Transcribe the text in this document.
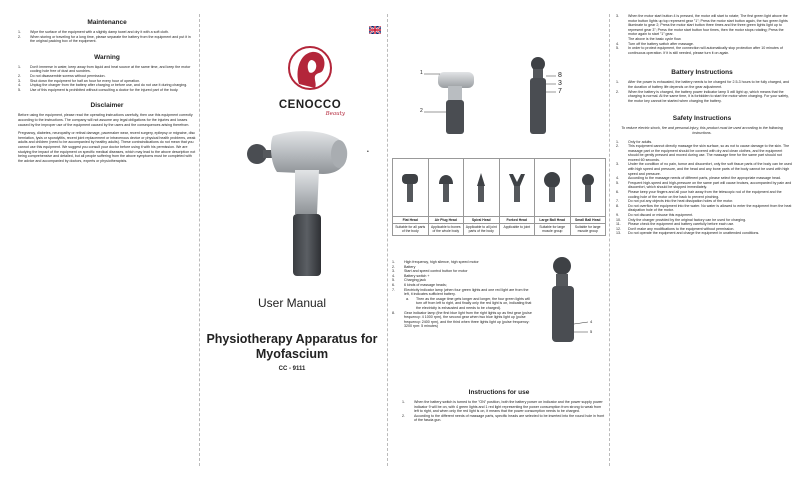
Maintenance
1.	Wipe the surface of the equipment with a slightly damp towel and dry it with a soft cloth.
2.	When storing or traveling for a long time, please separate the battery from the equipment and put it in the original packing box of the equipment.
Warning
1.	Don't immerse in water, keep away from liquid and heat source at the same time, and keep the motor cooling hole free of dust and sundries.
2.	Do not disassemble screws without permission.
3.	Shut down the equipment for half an hour for every hour of operation.
4.	Unplug the charger from the battery after charging or before use, and do not use it during charging.
5.	Use of this equipment is prohibited without consulting a doctor for the injured part of the body.
Disclaimer

Before using the equipment, please read the operating instructions carefully, then use this equipment correctly according to the instructions. The company will not assume any legal obligations for the injuries and losses caused by the improper use of the equipment caused by the users and the consequences arising therefrom.

Pregnancy, diabetes, neuropathy or retinal damage, pacemaker wear, recent surgery, epilepsy or migraine, disc herniation, lysis or spondylitis, recent joint replacement or intravenous device or physical health problems, weak adults and children (need to be accompanied by healthy adults). These contraindications do not mean that you cannot use this equipment. We suggest you consult your doctor before using it with his permission. We are studying the impact of the equipment on specific medical diseases, which may lead to the above description not being comprehensive and detailed, but all people suffering from the above symptoms must be completed with the advice and accompanied by doctors, experts or physiotherapists.

CENOCCO
Beauty
User Manual
Physiotherapy Apparatus for Myofascium
CC - 9111
•
1
2
8
3
7

Flat Head	Air Plug Head	Spiral Head	Forked Head	Large Ball Head	Small Ball Head
Suitable for all parts of the body	Applicable to bones of the whole body	Applicable to all joint parts of the body	Applicable to joint	Suitable for large muscle group	Suitable for large muscle group
1.	High frequency, high silence, high speed motor
2.	Battery
3.	Start and speed control button for motor
4.	Battery switch +
5.	Charging jack
6.	6 kinds of massage heads;
7.	Electricity indicator lamp (when four green lights and one red light are from the left, it indicates sufficient battery.
a.	Then as the usage time gets longer and longer, the four green lights will turn off from left to right, and finally only the red light is on, indicating that the electricity is exhausted and needs to be charged).
8.	Gear indicator lamp (the first blue light from the right lights up as first gear (pulse frequency: 4 1000 rpm), the second gear when two blue lights light up (pulse frequency: 2400 rpm), and the third when three lights light up (pulse frequency: 3200 rpm: 5 minutes)
4
5
Instructions for use
1.	When the battery switch is turned to the "ON" position, both the battery power on indicator and the power supply power indicator 9 will be on, with 4 green lights and 1 red light representing the power consumption from strong to weak from left to right, and when only the red light is on, it means that the power consumption needs to be charged.
2.	According to the different needs of massage parts, specific heads are selected to be inserted into the round hole in front of the fascia gun.
3.	When the motor start button 4 is pressed, the motor will start to rotate; The first green light above the motor button lights up top represent gear "1"; Press the motor start button again, the two green lights illuminate to gear 2; Press the motor start button three times and the three green lights light up to represent gear 3"; Press the motor start button four times, then the motor stops rotating; Press the motor again to start "1" gear.
The above is the basic cycle flow.
4.	Turn off the battery switch after massage.
5.	In order to protect equipment, the connection will automatically stop protection after 10 minutes of continuous operation. If it is still needed, please turn it on again.
Battery Instructions
1.	After the power is exhausted, the battery needs to be charged for 2.5-3 hours to be fully charged, and the duration of battery life depends on the gear adjustment.
2.	When the battery is charged, the battery power indicator lamp 5 will light up, which means that the charging is normal. At the same time, it is forbidden to start the motor when charging. For your safety, the motor key cannot be started when charging the battery.
Safety Instructions

To reduce electric shock, fire and personal injury, this product must be used according to the following instructions.

1.	Only for adults.
2.	This equipment cannot directly massage the skin surface, so as not to cause damage to the skin. The massage part or the equipment should be covered with dry and clean clothes, and the equipment should be gently pressed and moved during use. The massage time for the same part should not exceed 60 seconds.
3.	Under the condition of no pain, tumor and discomfort, only the soft tissue parts of the body can be used with high speed and pressure, and the head and any bone parts of the body cannot be used with high speed and pressure.
4.	According to the massage needs of different parts, please select the appropriate massage head.
5.	Frequent high-speed and high-pressure on the same part will cause bruises, accompanied by pain and discomfort, which should be stopped immediately.
6.	Please keep your fingers and all your hair away from the telescopic rod of the equipment and the cooling hole of the motor on the back to prevent pinching.
7.	Do not put any objects into the heat dissipation holes of the motor.
8.	Do not overflow the equipment into the water. No water is allowed to enter the equipment from the heat dissipation hole of the motor.
9.	Do not discard or misuse this equipment.
10.	Only the charger provided by the original factory can be used for charging.
11.	Please check the equipment and battery carefully before each use.
12.	Don't make any modifications to the equipment without permission.
13.	Do not operate the equipment and charge the equipment in unattended conditions.
